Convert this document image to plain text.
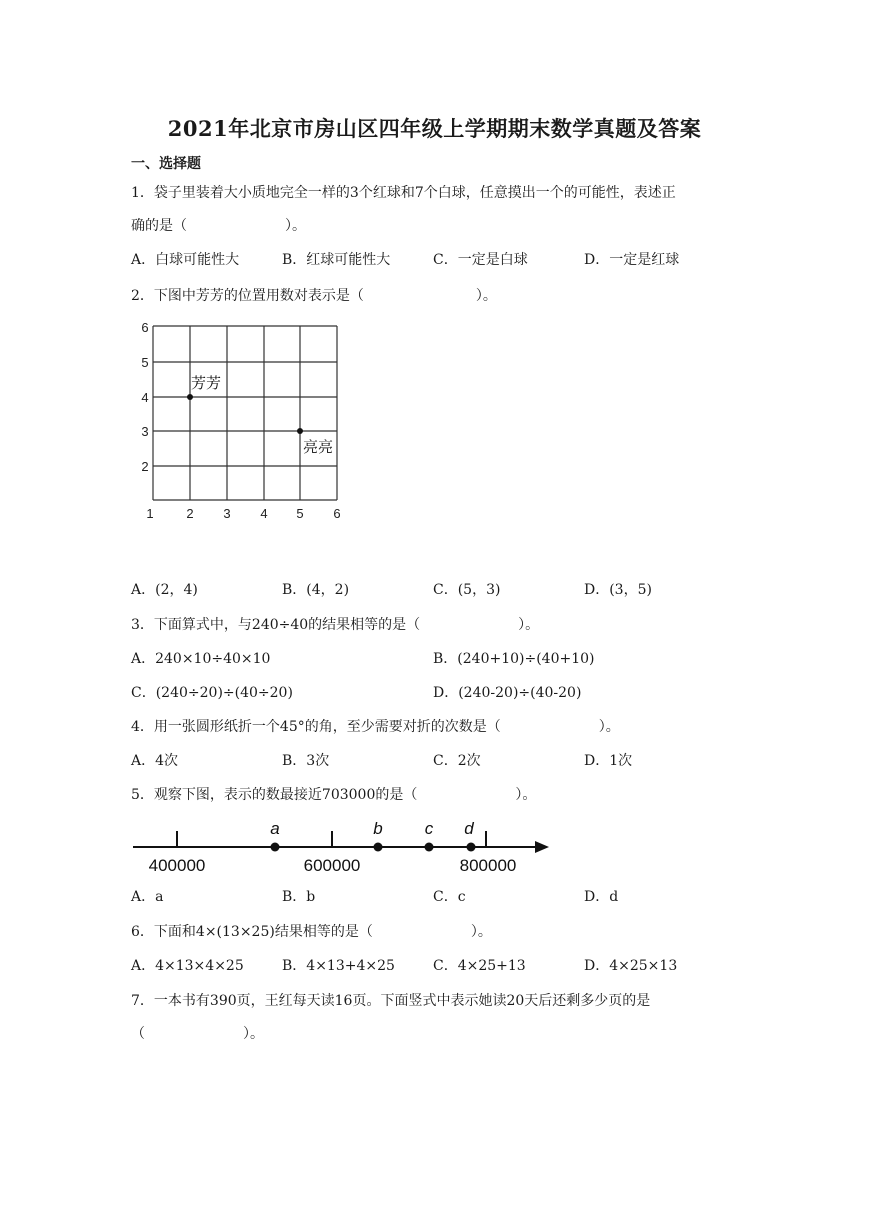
2021年北京市房山区四年级上学期期末数学真题及答案
一、选择题
1．袋子里装着大小质地完全一样的3个红球和7个白球，任意摸出一个的可能性，表述正
确的是（　　　　　　　）。
A．白球可能性大	B．红球可能性大	C．一定是白球	D．一定是红球
2．下图中芳芳的位置用数对表示是（　　　　　　　　）。
1	2 3 4 5 6
2
3
4
5
6
芳芳
亮亮
A．(2，4)	B．(4，2)	C．(5，3)	D．(3，5)
3．下面算式中，与240÷40的结果相等的是（　　　　　　　）。
A．240×10÷40×10	B．(240+10)÷(40+10)
C．(240÷20)÷(40÷20)	D．(240-20)÷(40-20)
4．用一张圆形纸折一个45°的角，至少需要对折的次数是（　　　　　　　）。
A．4次	B．3次	C．2次	D．1次
5．观察下图，表示的数最接近703000的是（　　　　　　　）。
a	b c d
400000	600000	800000
A．a	B．b	C．c	D．d
6．下面和4×(13×25)结果相等的是（　　　　　　　）。
A．4×13×4×25	B．4×13+4×25	C．4×25+13	D．4×25×13
7．一本书有390页，王红每天读16页。下面竖式中表示她读20天后还剩多少页的是
（　　　　　　　）。
